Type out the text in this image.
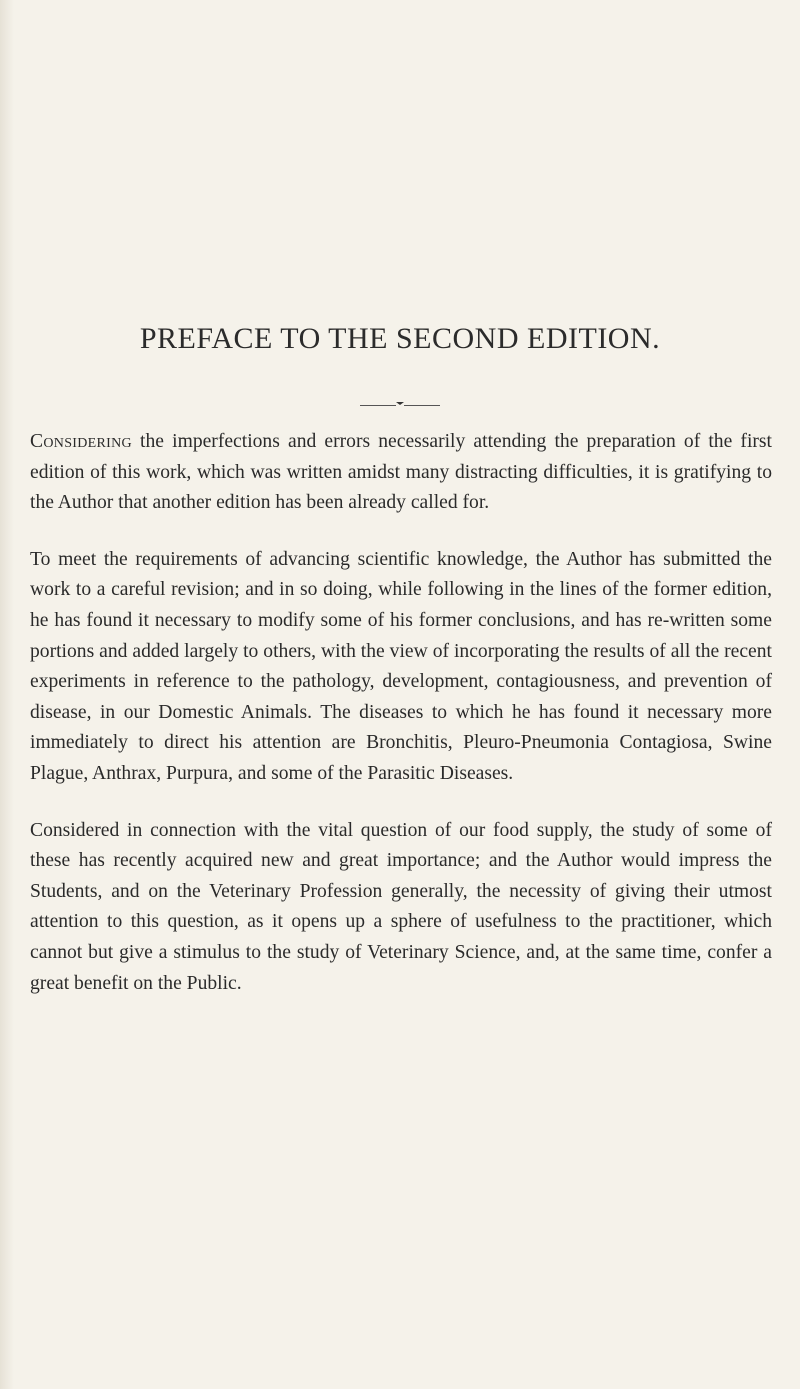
PREFACE TO THE SECOND EDITION.

Considering the imperfections and errors necessarily attending the preparation of the first edition of this work, which was written amidst many distracting difficulties, it is gratifying to the Author that another edition has been already called for.

To meet the requirements of advancing scientific knowledge, the Author has submitted the work to a careful revision; and in so doing, while following in the lines of the former edition, he has found it necessary to modify some of his former conclusions, and has re-written some portions and added largely to others, with the view of incorporating the results of all the recent experiments in reference to the pathology, development, contagiousness, and prevention of disease, in our Domestic Animals. The diseases to which he has found it necessary more immediately to direct his attention are Bronchitis, Pleuro-Pneumonia Contagiosa, Swine Plague, Anthrax, Purpura, and some of the Parasitic Diseases.

Considered in connection with the vital question of our food supply, the study of some of these has recently acquired new and great importance; and the Author would impress the Students, and on the Veterinary Profession generally, the necessity of giving their utmost attention to this question, as it opens up a sphere of usefulness to the practitioner, which cannot but give a stimulus to the study of Veterinary Science, and, at the same time, confer a great benefit on the Public.
